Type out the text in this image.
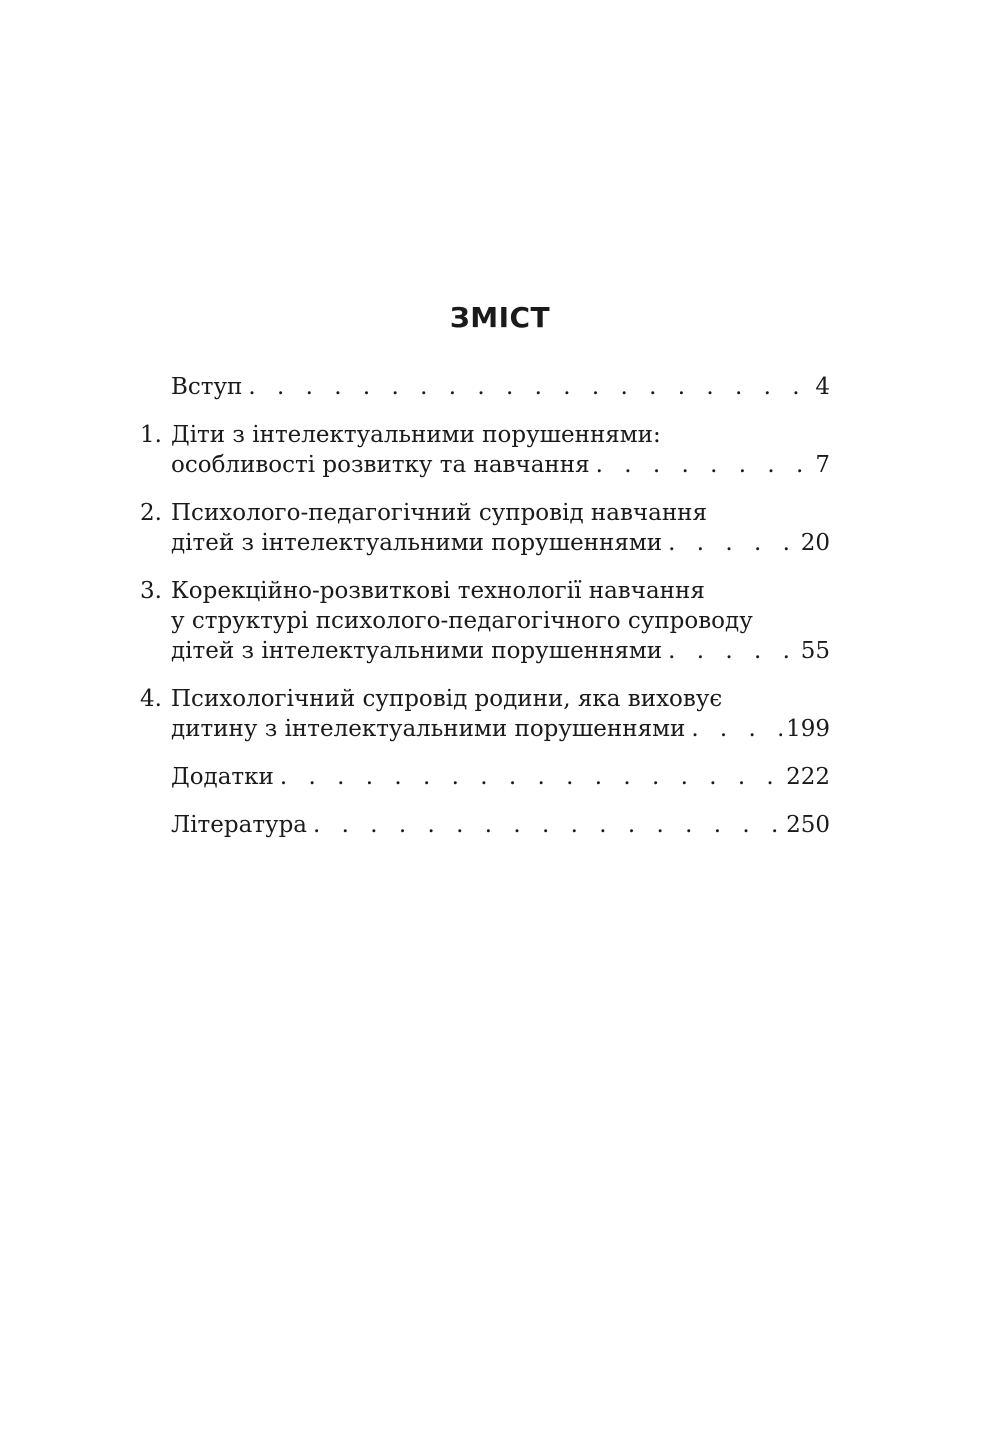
ЗМІСТ
Вступ . . .	4
1. Діти з інтелектуальними порушеннями:
особливості розвитку та навчання . . .	7
2. Психолого-педагогічний супровід навчання
дітей з інтелектуальними порушеннями . . .	20
3. Корекційно-розвиткові технології навчання
у структурі психолого-педагогічного супроводу
дітей з інтелектуальними порушеннями . . .	55
4. Психологічний супровід родини, яка виховує
дитину з інтелектуальними порушеннями . . .	199
Додатки . . .	222
Література . . .	250
